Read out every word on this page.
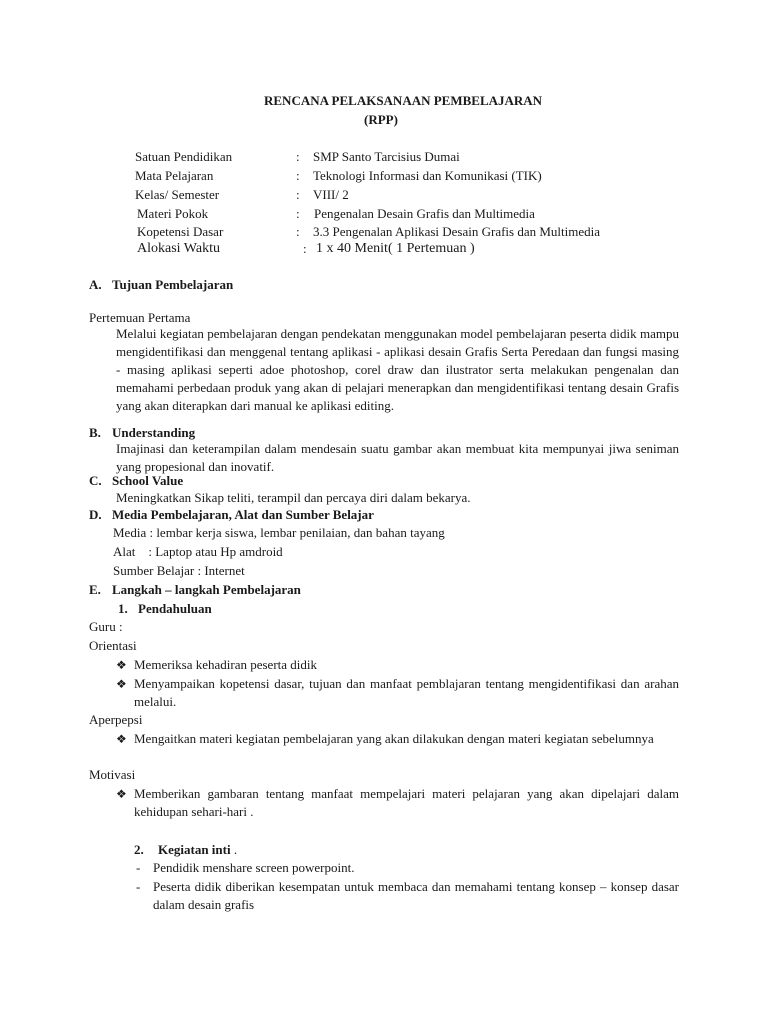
RENCANA PELAKSANAAN PEMBELAJARAN
(RPP)
Satuan Pendidikan	: SMP Santo Tarcisius Dumai
Mata Pelajaran	: Teknologi Informasi dan Komunikasi (TIK)
Kelas/ Semester	: VIII/ 2
Materi Pokok	: Pengenalan Desain Grafis dan Multimedia
Kopetensi Dasar	: 3.3 Pengenalan Aplikasi Desain Grafis dan Multimedia
Alokasi Waktu	: 1 x 40 Menit( 1 Pertemuan )
A. Tujuan Pembelajaran
Pertemuan Pertama
Melalui kegiatan pembelajaran dengan pendekatan menggunakan model pembelajaran peserta didik mampu mengidentifikasi dan menggenal tentang aplikasi - aplikasi desain Grafis Serta Peredaan dan fungsi masing - masing aplikasi seperti adoe photoshop, corel draw dan ilustrator serta melakukan pengenalan dan memahami perbedaan produk yang akan di pelajari menerapkan dan mengidentifikasi tentang desain Grafis yang akan diterapkan dari manual ke aplikasi editing.
B. Understanding
Imajinasi dan keterampilan dalam mendesain suatu gambar akan membuat kita mempunyai jiwa seniman yang propesional dan inovatif.
C. School Value
Meningkatkan Sikap teliti, terampil dan percaya diri dalam bekarya.
D. Media Pembelajaran, Alat dan Sumber Belajar
Media : lembar kerja siswa, lembar penilaian, dan bahan tayang
Alat    : Laptop atau Hp amdroid
Sumber Belajar : Internet
E. Langkah – langkah Pembelajaran
1. Pendahuluan
Guru :
Orientasi
❖ Memeriksa kehadiran peserta didik
❖ Menyampaikan kopetensi dasar, tujuan dan manfaat pemblajaran tentang mengidentifikasi dan arahan melalui.
Aperpepsi
❖ Mengaitkan materi kegiatan pembelajaran yang akan dilakukan dengan materi kegiatan sebelumnya
Motivasi
❖ Memberikan gambaran tentang manfaat mempelajari materi pelajaran yang akan dipelajari dalam kehidupan sehari-hari .
2. Kegiatan inti .
- Pendidik menshare screen powerpoint.
- Peserta didik diberikan kesempatan untuk membaca dan memahami tentang konsep – konsep dasar dalam desain grafis
